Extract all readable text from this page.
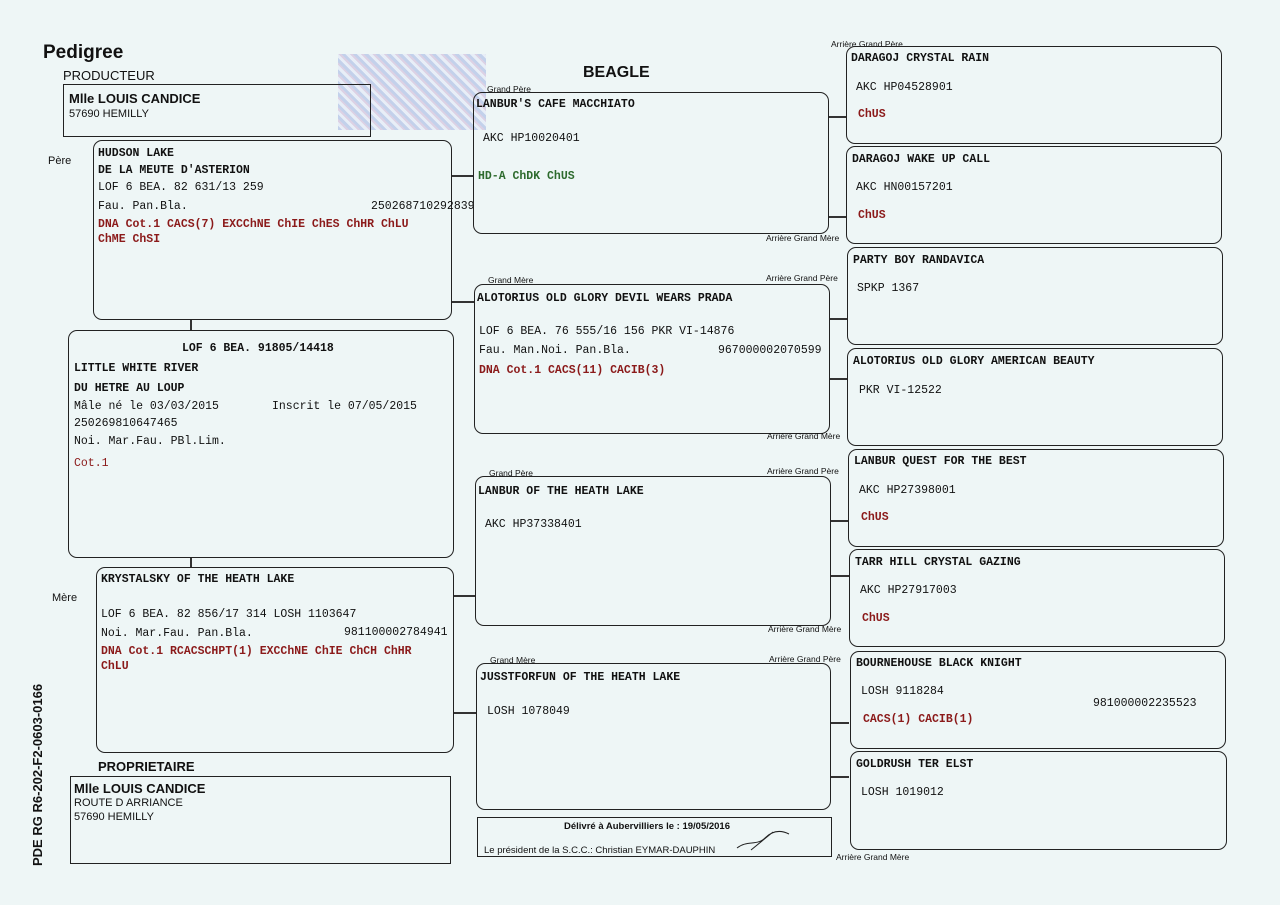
Pedigree
PRODUCTEUR	BEAGLE
Mlle LOUIS CANDICE
57690 HEMILLY
Père
Mère
HUDSON LAKE
DE LA MEUTE D'ASTERION
LOF 6 BEA. 82 631/13 259
Fau. Pan.Bla.	250268710292839
DNA Cot.1 CACS(7) EXCChNE ChIE ChES ChHR ChLU
ChME ChSI
LOF 6 BEA. 91805/14418
LITTLE WHITE RIVER
DU HETRE AU LOUP
Mâle né le 03/03/2015	Inscrit le 07/05/2015
250269810647465
Noi. Mar.Fau. PBl.Lim.
Cot.1
KRYSTALSKY OF THE HEATH LAKE
LOF 6 BEA. 82 856/17 314 LOSH 1103647
Noi. Mar.Fau. Pan.Bla.	981100002784941
DNA Cot.1 RCACSCHPT(1) EXCChNE ChIE ChCH ChHR
ChLU
Grand Père
Grand Mère
Grand Père
Grand Mère
LANBUR'S CAFE MACCHIATO
AKC HP10020401
HD-A ChDK ChUS
ALOTORIUS OLD GLORY DEVIL WEARS PRADA
LOF 6 BEA. 76 555/16 156 PKR VI-14876
Fau. Man.Noi. Pan.Bla.	967000002070599
DNA Cot.1 CACS(11) CACIB(3)
LANBUR OF THE HEATH LAKE
AKC HP37338401
JUSSTFORFUN OF THE HEATH LAKE
LOSH 1078049
Arrière Grand Père
Arrière Grand Mère
Arrière Grand Père
Arrière Grand Mère
Arrière Grand Père
Arrière Grand Mère
Arrière Grand Père
Arrière Grand Mère
DARAGOJ CRYSTAL RAIN
AKC HP04528901
ChUS
DARAGOJ WAKE UP CALL
AKC HN00157201
ChUS
PARTY BOY RANDAVICA
SPKP 1367
ALOTORIUS OLD GLORY AMERICAN BEAUTY
PKR VI-12522
LANBUR QUEST FOR THE BEST
AKC HP27398001
ChUS
TARR HILL CRYSTAL GAZING
AKC HP27917003
ChUS
BOURNEHOUSE BLACK KNIGHT
LOSH 9118284
981000002235523
CACS(1) CACIB(1)
GOLDRUSH TER ELST
LOSH 1019012
PROPRIETAIRE
Mlle LOUIS CANDICE
ROUTE D ARRIANCE
57690 HEMILLY
Délivré à Aubervilliers le : 19/05/2016
Le président de la S.C.C.: Christian EYMAR-DAUPHIN
PDE RG R6-202-F2-0603-0166
